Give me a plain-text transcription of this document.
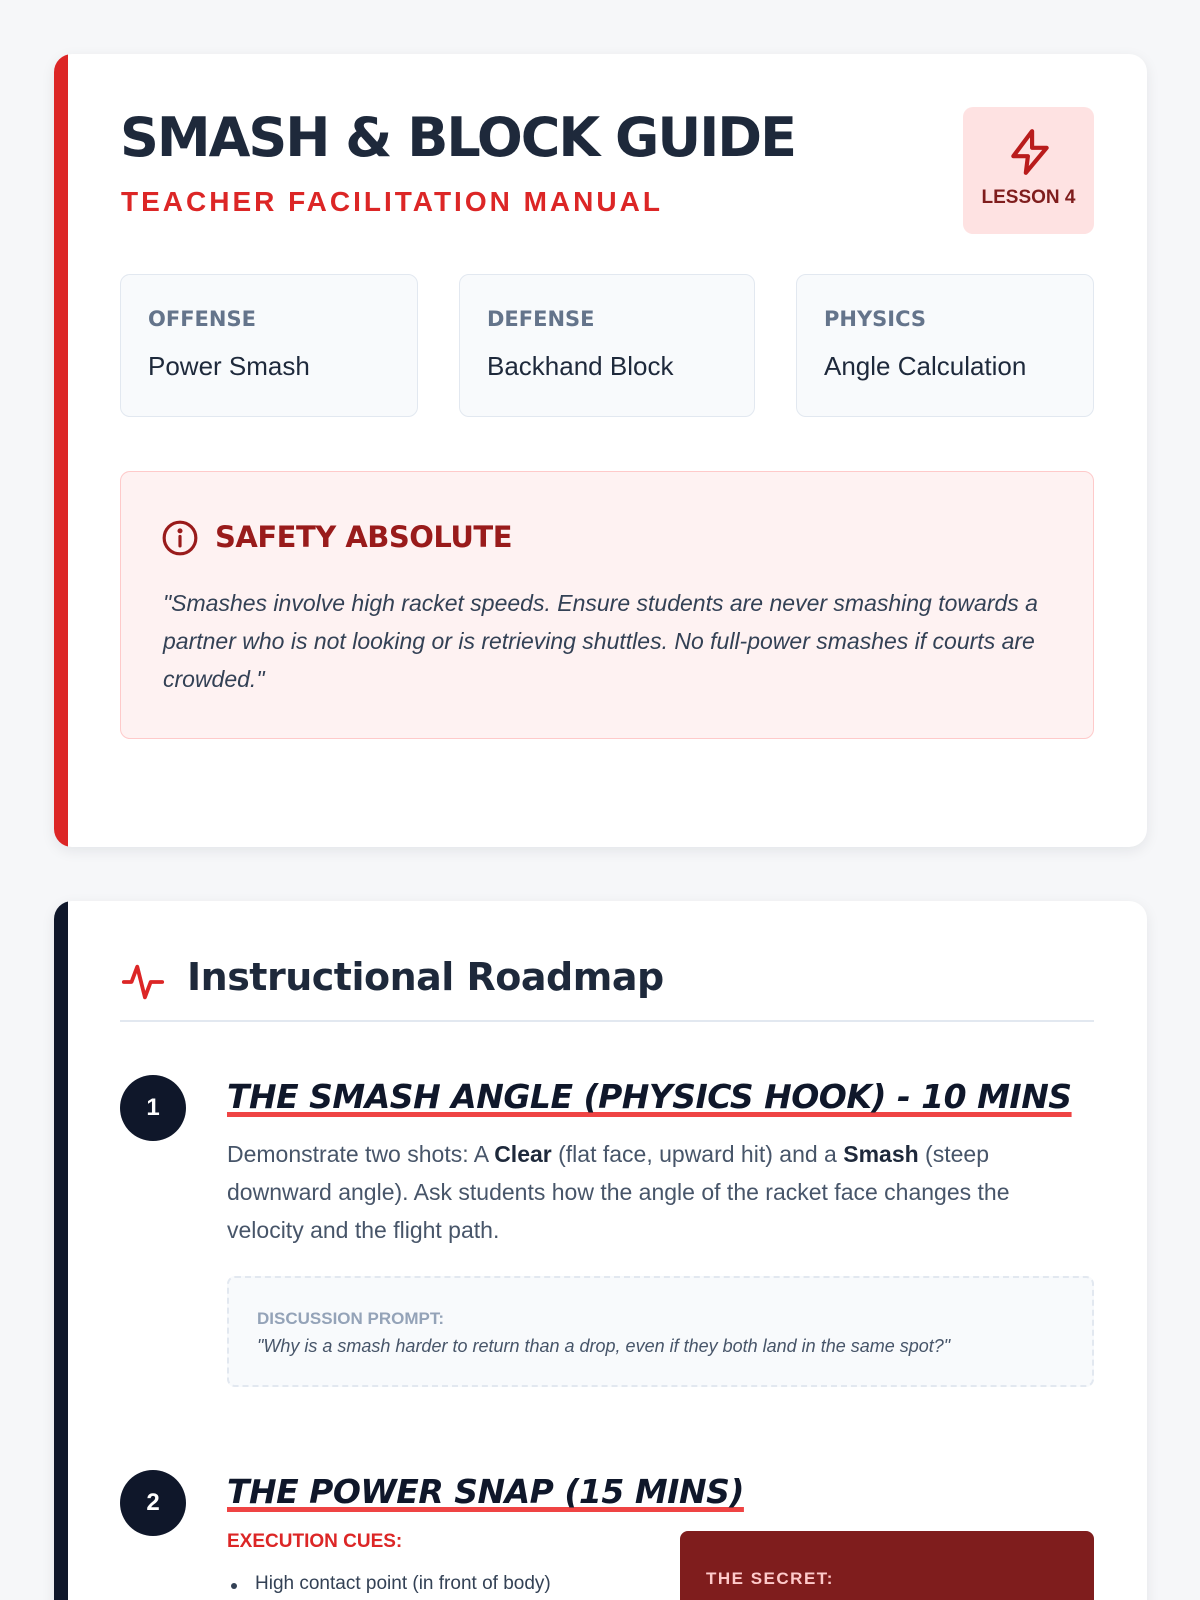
SMASH & BLOCK GUIDE
TEACHER FACILITATION MANUAL	LESSON 4
OFFENSE
Power Smash
DEFENSE
Backhand Block
PHYSICS
Angle Calculation
SAFETY ABSOLUTE

"Smashes involve high racket speeds. Ensure students are never smashing towards a partner who is not looking or is retrieving shuttles. No full-power smashes if courts are crowded."

Instructional Roadmap
1	THE SMASH ANGLE (PHYSICS HOOK) - 10 MINS

Demonstrate two shots: A Clear (flat face, upward hit) and a Smash (steep downward angle). Ask students how the angle of the racket face changes the velocity and the flight path.

DISCUSSION PROMPT:
"Why is a smash harder to return than a drop, even if they both land in the same spot?"
2	THE POWER SNAP (15 MINS)
EXECUTION CUES:
High contact point (in front of body)	THE SECRET:
